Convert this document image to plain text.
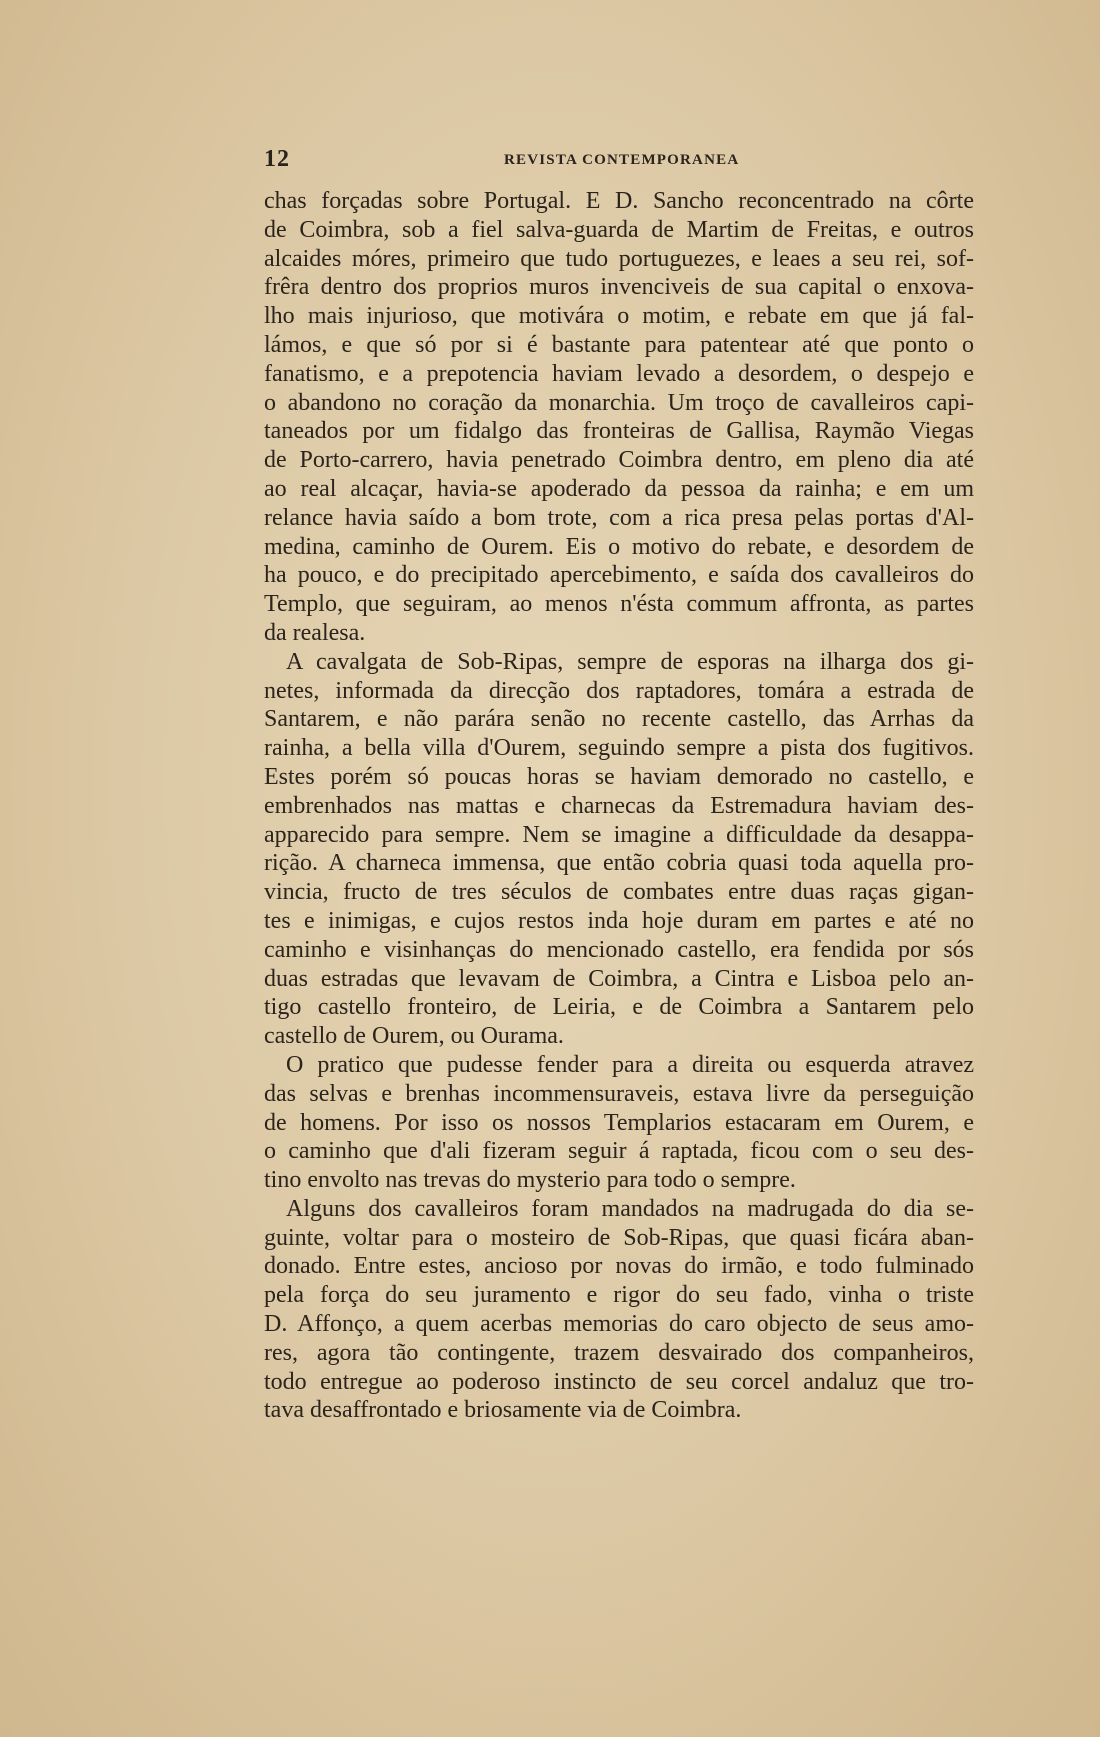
12	REVISTA CONTEMPORANEA
chas forçadas sobre Portugal. E D. Sancho reconcentrado na côrte
de Coimbra, sob a fiel salva-guarda de Martim de Freitas, e outros
alcaides móres, primeiro que tudo portuguezes, e leaes a seu rei, sof-
frêra dentro dos proprios muros invenciveis de sua capital o enxova-
lho mais injurioso, que motivára o motim, e rebate em que já fal-
lámos, e que só por si é bastante para patentear até que ponto o
fanatismo, e a prepotencia haviam levado a desordem, o despejo e
o abandono no coração da monarchia. Um troço de cavalleiros capi-
taneados por um fidalgo das fronteiras de Gallisa, Raymão Viegas
de Porto-carrero, havia penetrado Coimbra dentro, em pleno dia até
ao real alcaçar, havia-se apoderado da pessoa da rainha; e em um
relance havia saído a bom trote, com a rica presa pelas portas d'Al-
medina, caminho de Ourem. Eis o motivo do rebate, e desordem de
ha pouco, e do precipitado apercebimento, e saída dos cavalleiros do
Templo, que seguiram, ao menos n'ésta commum affronta, as partes
da realesa.
A cavalgata de Sob-Ripas, sempre de esporas na ilharga dos gi-
netes, informada da direcção dos raptadores, tomára a estrada de
Santarem, e não parára senão no recente castello, das Arrhas da
rainha, a bella villa d'Ourem, seguindo sempre a pista dos fugitivos.
Estes porém só poucas horas se haviam demorado no castello, e
embrenhados nas mattas e charnecas da Estremadura haviam des-
apparecido para sempre. Nem se imagine a difficuldade da desappa-
rição. A charneca immensa, que então cobria quasi toda aquella pro-
vincia, fructo de tres séculos de combates entre duas raças gigan-
tes e inimigas, e cujos restos inda hoje duram em partes e até no
caminho e visinhanças do mencionado castello, era fendida por sós
duas estradas que levavam de Coimbra, a Cintra e Lisboa pelo an-
tigo castello fronteiro, de Leiria, e de Coimbra a Santarem pelo
castello de Ourem, ou Ourama.
O pratico que pudesse fender para a direita ou esquerda atravez
das selvas e brenhas incommensuraveis, estava livre da perseguição
de homens. Por isso os nossos Templarios estacaram em Ourem, e
o caminho que d'ali fizeram seguir á raptada, ficou com o seu des-
tino envolto nas trevas do mysterio para todo o sempre.
Alguns dos cavalleiros foram mandados na madrugada do dia se-
guinte, voltar para o mosteiro de Sob-Ripas, que quasi ficára aban-
donado. Entre estes, ancioso por novas do irmão, e todo fulminado
pela força do seu juramento e rigor do seu fado, vinha o triste
D. Affonço, a quem acerbas memorias do caro objecto de seus amo-
res, agora tão contingente, trazem desvairado dos companheiros,
todo entregue ao poderoso instincto de seu corcel andaluz que tro-
tava desaffrontado e briosamente via de Coimbra.
